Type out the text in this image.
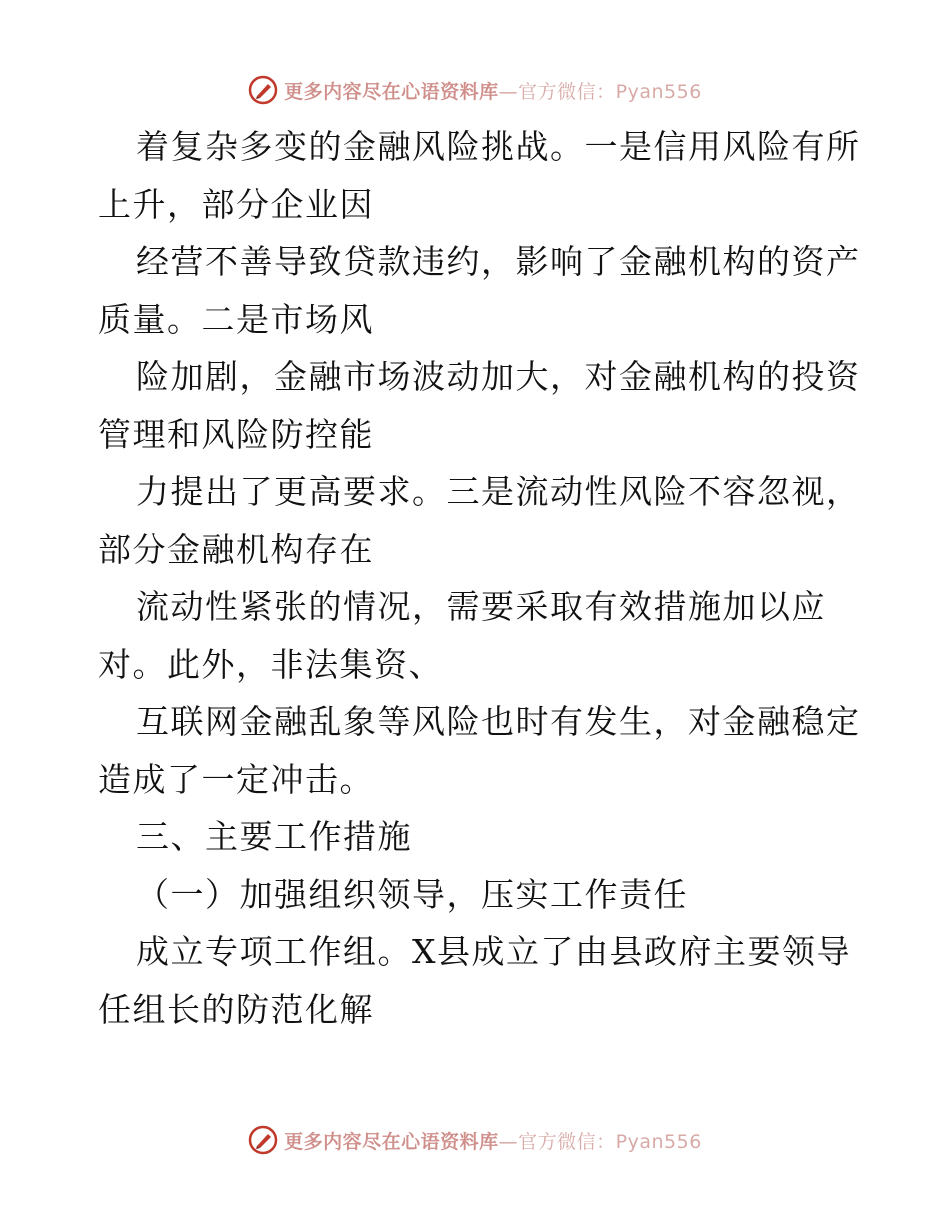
更多内容尽在心语资料库—官方微信：Pyan556
着复杂多变的金融风险挑战。一是信用风险有所
上升，部分企业因
经营不善导致贷款违约，影响了金融机构的资产
质量。二是市场风
险加剧，金融市场波动加大，对金融机构的投资
管理和风险防控能
力提出了更高要求。三是流动性风险不容忽视，
部分金融机构存在
流动性紧张的情况，需要采取有效措施加以应
对。此外，非法集资、
互联网金融乱象等风险也时有发生，对金融稳定
造成了一定冲击。
三、主要工作措施
（一）加强组织领导，压实工作责任
成立专项工作组。X县成立了由县政府主要领导
任组长的防范化解
更多内容尽在心语资料库—官方微信：Pyan556
